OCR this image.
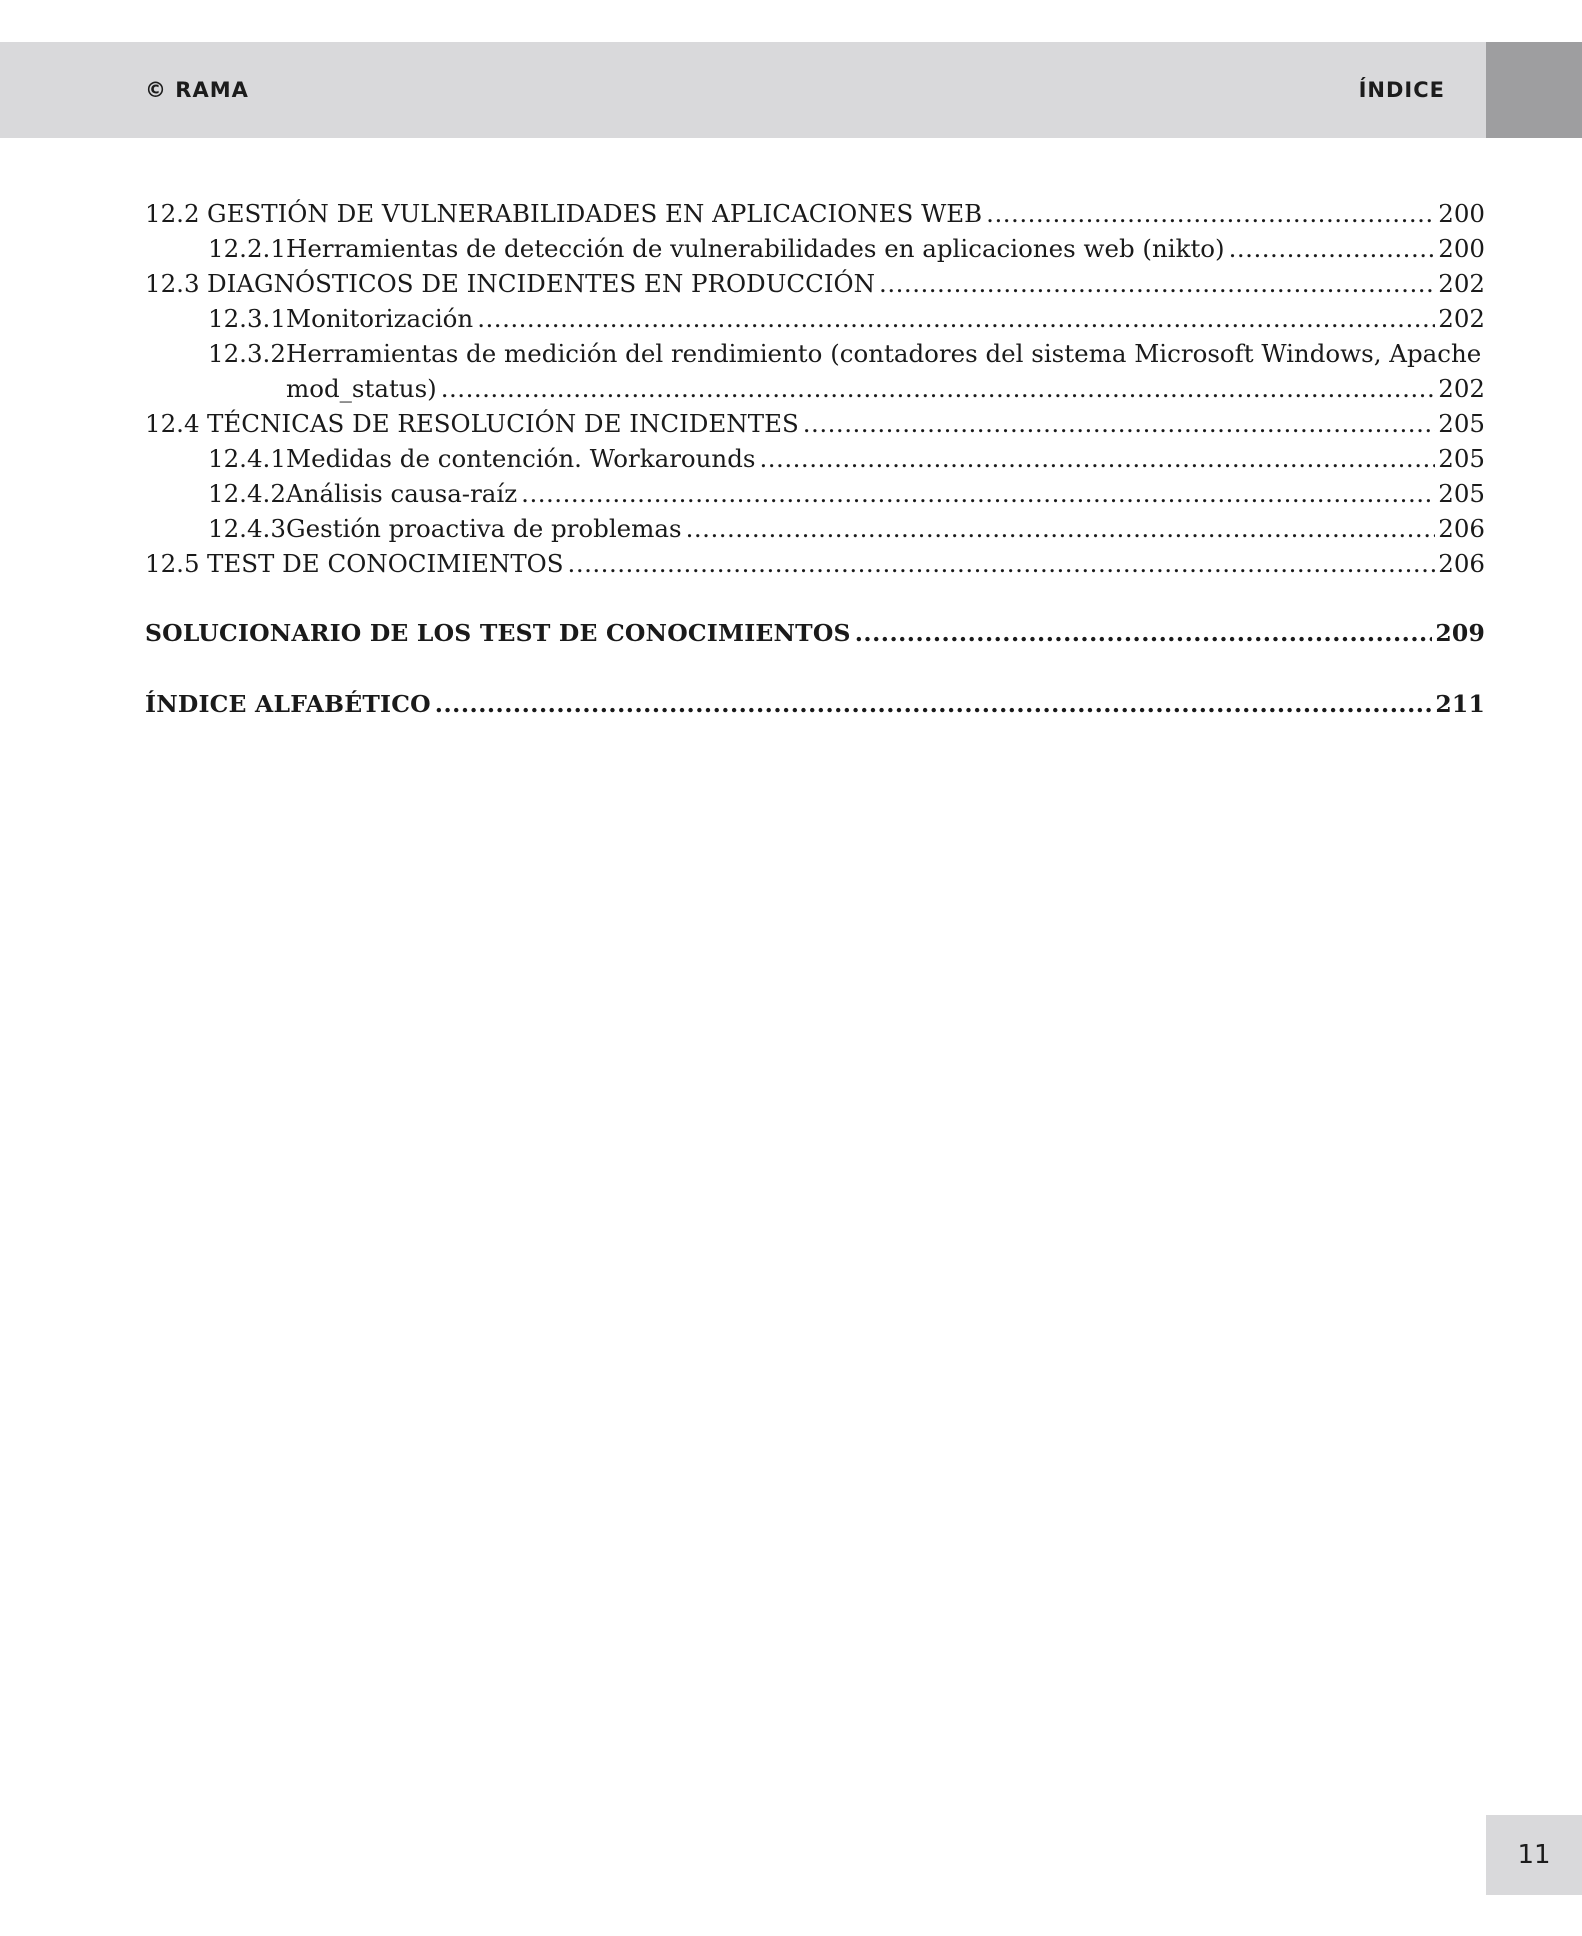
© RAMA	ÍNDICE
12.2 GESTIÓN DE VULNERABILIDADES EN APLICACIONES WEB .....	200
12.2.1Herramientas de detección de vulnerabilidades en aplicaciones web (nikto) .....	200
12.3 DIAGNÓSTICOS DE INCIDENTES EN PRODUCCIÓN .....	202
12.3.1Monitorización .....	202
12.3.2Herramientas de medición del rendimiento (contadores del sistema Microsoft Windows, Apache
mod_status) .....	202
12.4 TÉCNICAS DE RESOLUCIÓN DE INCIDENTES .....	205
12.4.1Medidas de contención. Workarounds .....	205
12.4.2Análisis causa-raíz .....	205
12.4.3Gestión proactiva de problemas .....	206
12.5 TEST DE CONOCIMIENTOS .....	206
SOLUCIONARIO DE LOS TEST DE CONOCIMIENTOS .....	209
ÍNDICE ALFABÉTICO .....	211
11
